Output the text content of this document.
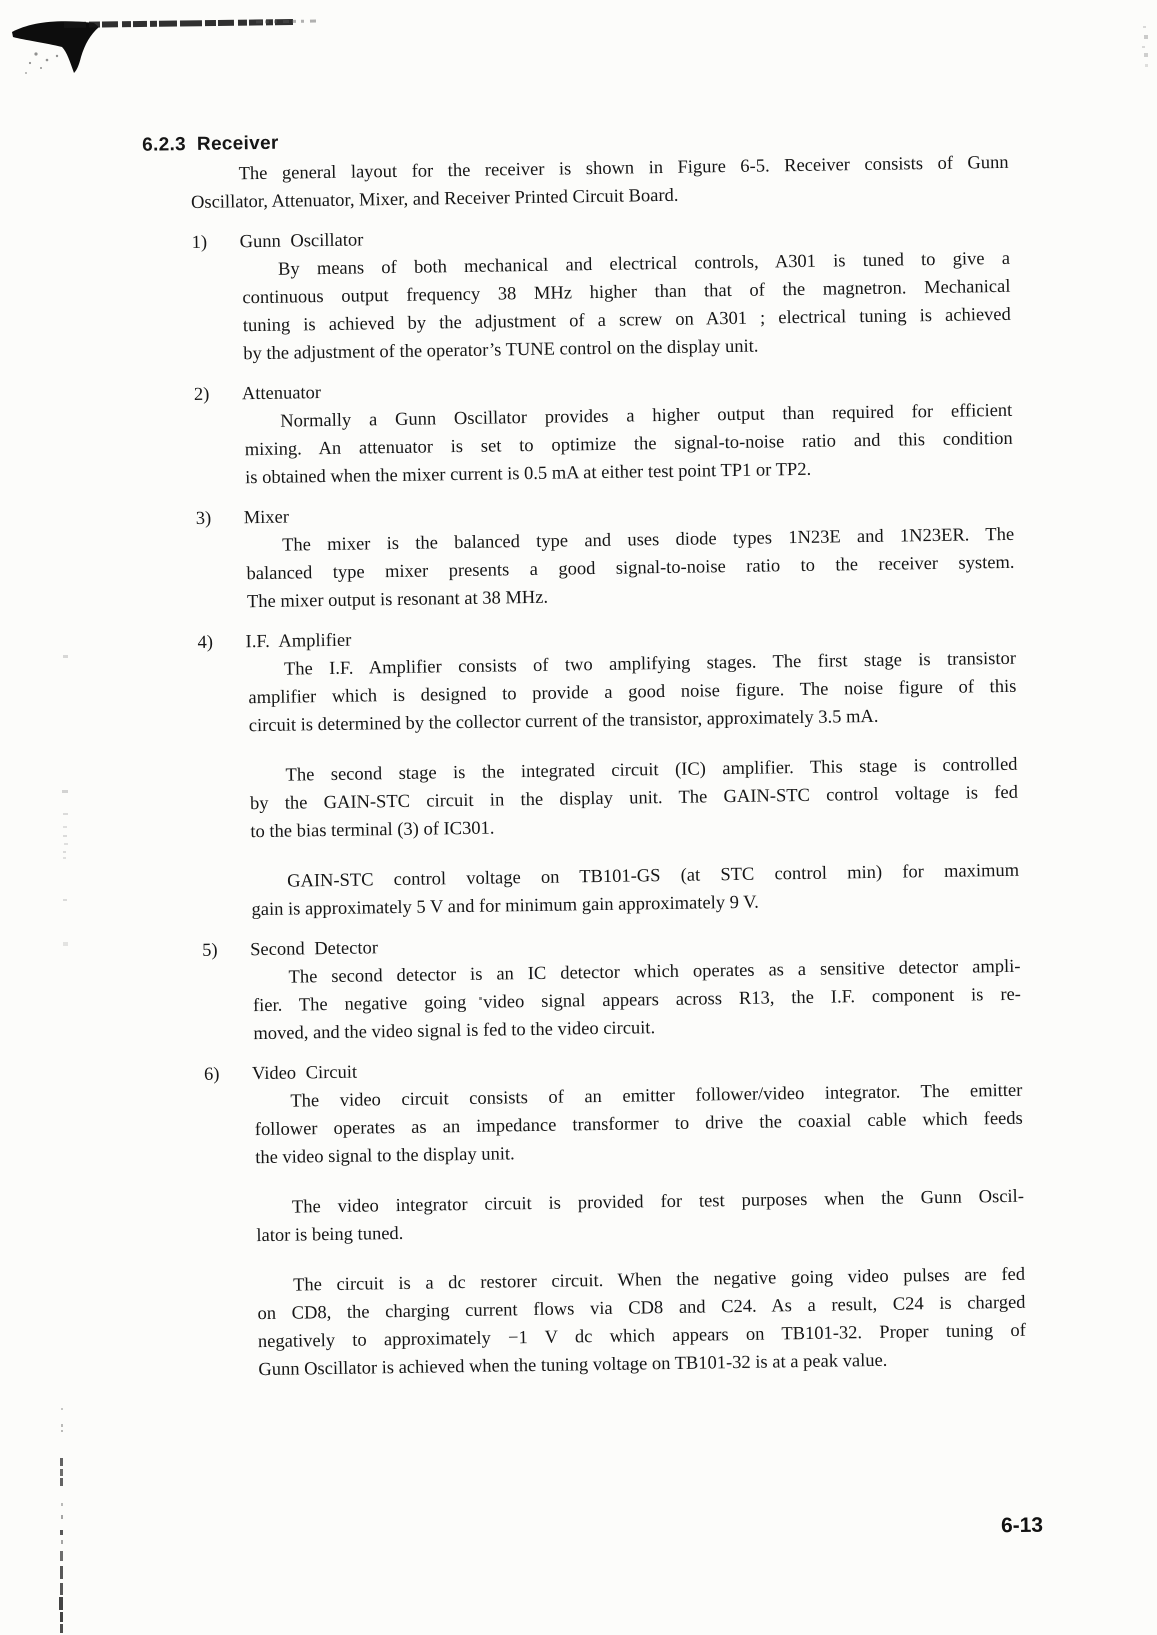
6.2.3 Receiver
The general layout for the receiver is shown in Figure 6-5. Receiver consists of Gunn
Oscillator, Attenuator, Mixer, and Receiver Printed Circuit Board.
1) Gunn Oscillator
By means of both mechanical and electrical controls, A301 is tuned to give a
continuous output frequency 38 MHz higher than that of the magnetron. Mechanical
tuning is achieved by the adjustment of a screw on A301 ; electrical tuning is achieved
by the adjustment of the operator’s TUNE control on the display unit.
2) Attenuator
Normally a Gunn Oscillator provides a higher output than required for efficient
mixing. An attenuator is set to optimize the signal-to-noise ratio and this condition
is obtained when the mixer current is 0.5 mA at either test point TP1 or TP2.
3) Mixer
The mixer is the balanced type and uses diode types 1N23E and 1N23ER. The
balanced type mixer presents a good signal-to-noise ratio to the receiver system.
The mixer output is resonant at 38 MHz.
4) I.F. Amplifier
The I.F. Amplifier consists of two amplifying stages. The first stage is transistor
amplifier which is designed to provide a good noise figure. The noise figure of this
circuit is determined by the collector current of the transistor, approximately 3.5 mA.
The second stage is the integrated circuit (IC) amplifier. This stage is controlled
by the GAIN-STC circuit in the display unit. The GAIN-STC control voltage is fed
to the bias terminal (3) of IC301.
GAIN-STC control voltage on TB101-GS (at STC control min) for maximum
gain is approximately 5 V and for minimum gain approximately 9 V.
5) Second Detector
The second detector is an IC detector which operates as a sensitive detector ampli-
fier. The negative going video signal appears across R13, the I.F. component is re-
moved, and the video signal is fed to the video circuit.
6) Video Circuit
The video circuit consists of an emitter follower/video integrator. The emitter
follower operates as an impedance transformer to drive the coaxial cable which feeds
the video signal to the display unit.
The video integrator circuit is provided for test purposes when the Gunn Oscil-
lator is being tuned.
The circuit is a dc restorer circuit. When the negative going video pulses are fed
on CD8, the charging current flows via CD8 and C24. As a result, C24 is charged
negatively to approximately −1 V dc which appears on TB101-32. Proper tuning of
Gunn Oscillator is achieved when the tuning voltage on TB101-32 is at a peak value.
6-13
